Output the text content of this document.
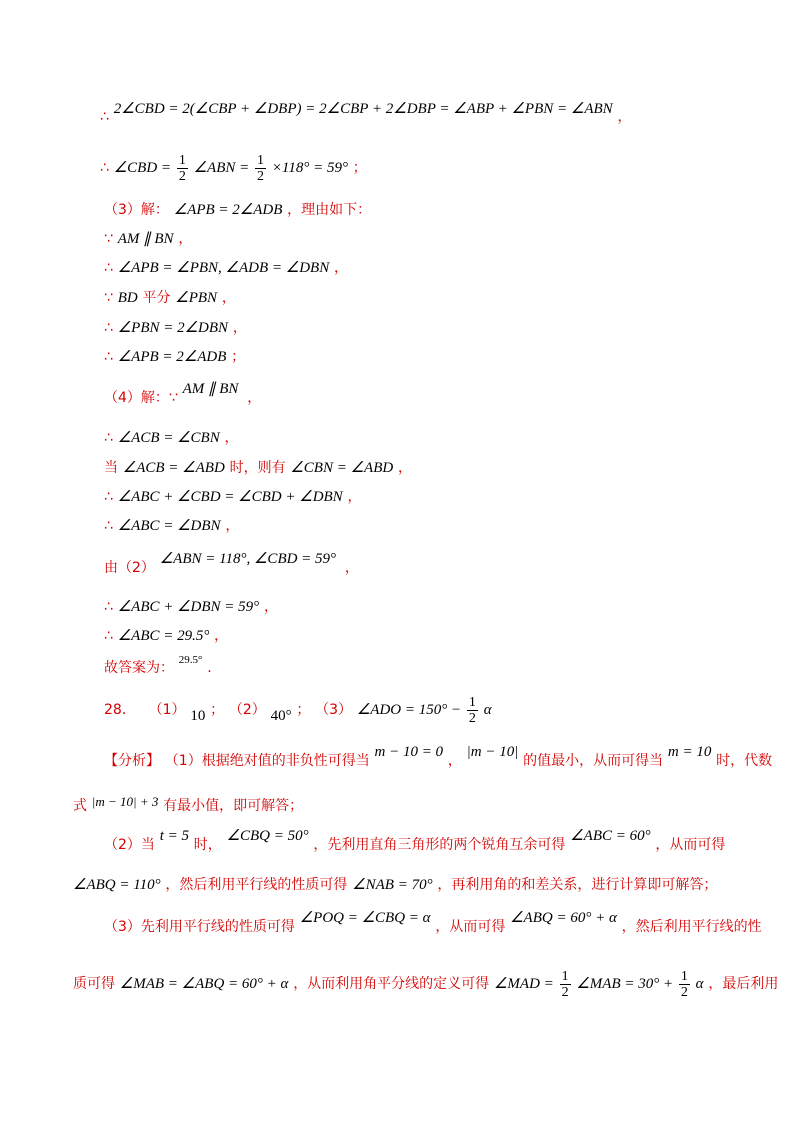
∴ 2∠CBD = 2(∠CBP + ∠DBP) = 2∠CBP + 2∠DBP = ∠ABP + ∠PBN = ∠ABN ，
∴ ∠CBD = $\frac{1}{2}$ ∠ABN = $\frac{1}{2} \times 118^\circ = 59^\circ$ ；
（3）解： ∠APB = 2∠ADB ，理由如下：
∵ AM ∥ BN ，
∴ ∠APB = ∠PBN, ∠ADB = ∠DBN ，
∵ BD 平分 ∠PBN ，
∴ ∠PBN = 2∠DBN ，
∴ ∠APB = 2∠ADB ；
（4）解：∵ AM ∥ BN ，
∴ ∠ACB = ∠CBN ，
当 ∠ACB = ∠ABD 时，则有 ∠CBN = ∠ABD ，
∴ ∠ABC + ∠CBD = ∠CBD + ∠DBN ，
∴ ∠ABC = ∠DBN ，
由（2） ∠ABN = 118°, ∠CBD = 59° ，
∴ ∠ABC + ∠DBN = 59° ，
∴ ∠ABC = 29.5° ，
故答案为： $^{29.5^\circ}$ .
28． （1） 10 ； （2） 40° ； （3） ∠ADO = $150^\circ - \frac{1}{2}$ α
【分析】 （1）根据绝对值的非负性可得当 m − 10 = 0 ， |m − 10| 的值最小，从而可得当 m = 10 时，代数
式 |m − 10| + 3 有最小值，即可解答；
（2）当 t = 5 时， ∠CBQ = 50° ，先利用直角三角形的两个锐角互余可得 ∠ABC = 60° ，从而可得
∠ABQ = 110° ，然后利用平行线的性质可得 ∠NAB = 70° ，再利用角的和差关系，进行计算即可解答；
（3）先利用平行线的性质可得 ∠POQ = ∠CBQ = α ，从而可得 ∠ABQ = 60° + α ，然后利用平行线的性
质可得 ∠MAB = ∠ABQ = 60° + α ，从而利用角平分线的定义可得 ∠MAD = $\frac{1}{2}$ ∠MAB = $30^\circ + \frac{1}{2}$ α ，最后利用
